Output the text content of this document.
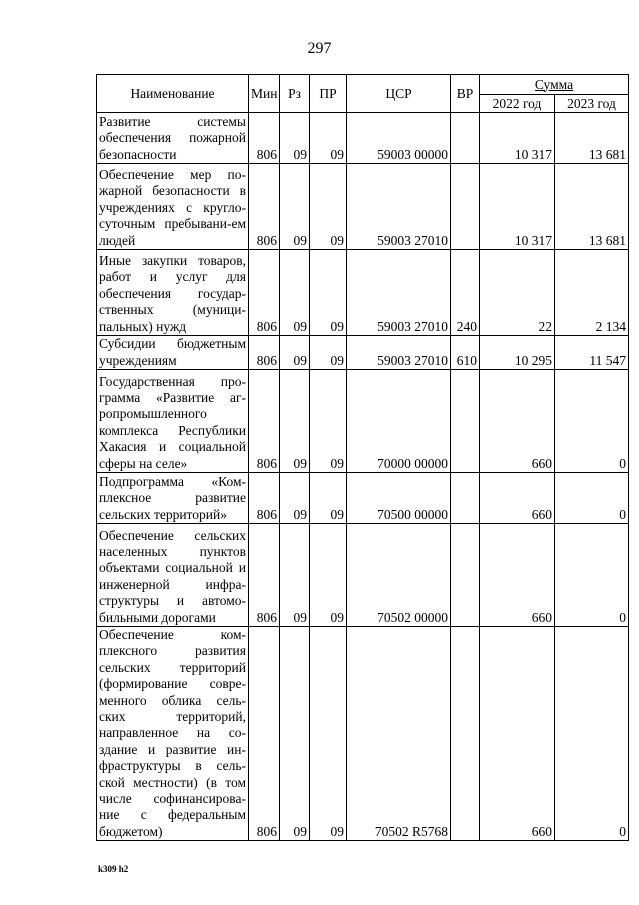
297
Наименование	Мин	Рз	ПР	ЦСР	ВР	Сумма	
						2022 год	2023 год
Развитие системы обеспечения пожарной безопасности	806	09	09	59003 00000		10 317	13 681
Обеспечение мер по-жарной безопасности в учреждениях с кругло-суточным пребывани-ем людей	806	09	09	59003 27010		10 317	13 681
Иные закупки товаров, работ и услуг для обеспечения государ-ственных (муници-пальных) нужд	806	09	09	59003 27010	240	22	2 134
Субсидии бюджетным учреждениям	806	09	09	59003 27010	610	10 295	11 547
Государственная про-грамма «Развитие аг-ропромышленного комплекса Республики Хакасия и социальной сферы на селе»	806	09	09	70000 00000		660	0
Подпрограмма «Ком-плексное развитие сельских территорий»	806	09	09	70500 00000		660	0
Обеспечение сельских населенных пунктов объектами социальной и инженерной инфра-структуры и автомо-бильными дорогами	806	09	09	70502 00000		660	0
Обеспечение ком-плексного развития сельских территорий (формирование совре-менного облика сель-ских территорий, направленное на со-здание и развитие ин-фраструктуры в сель-ской местности) (в том числе софинансирова-ние с федеральным бюджетом)	806	09	09	70502 R5768		660	0
k309 h2
